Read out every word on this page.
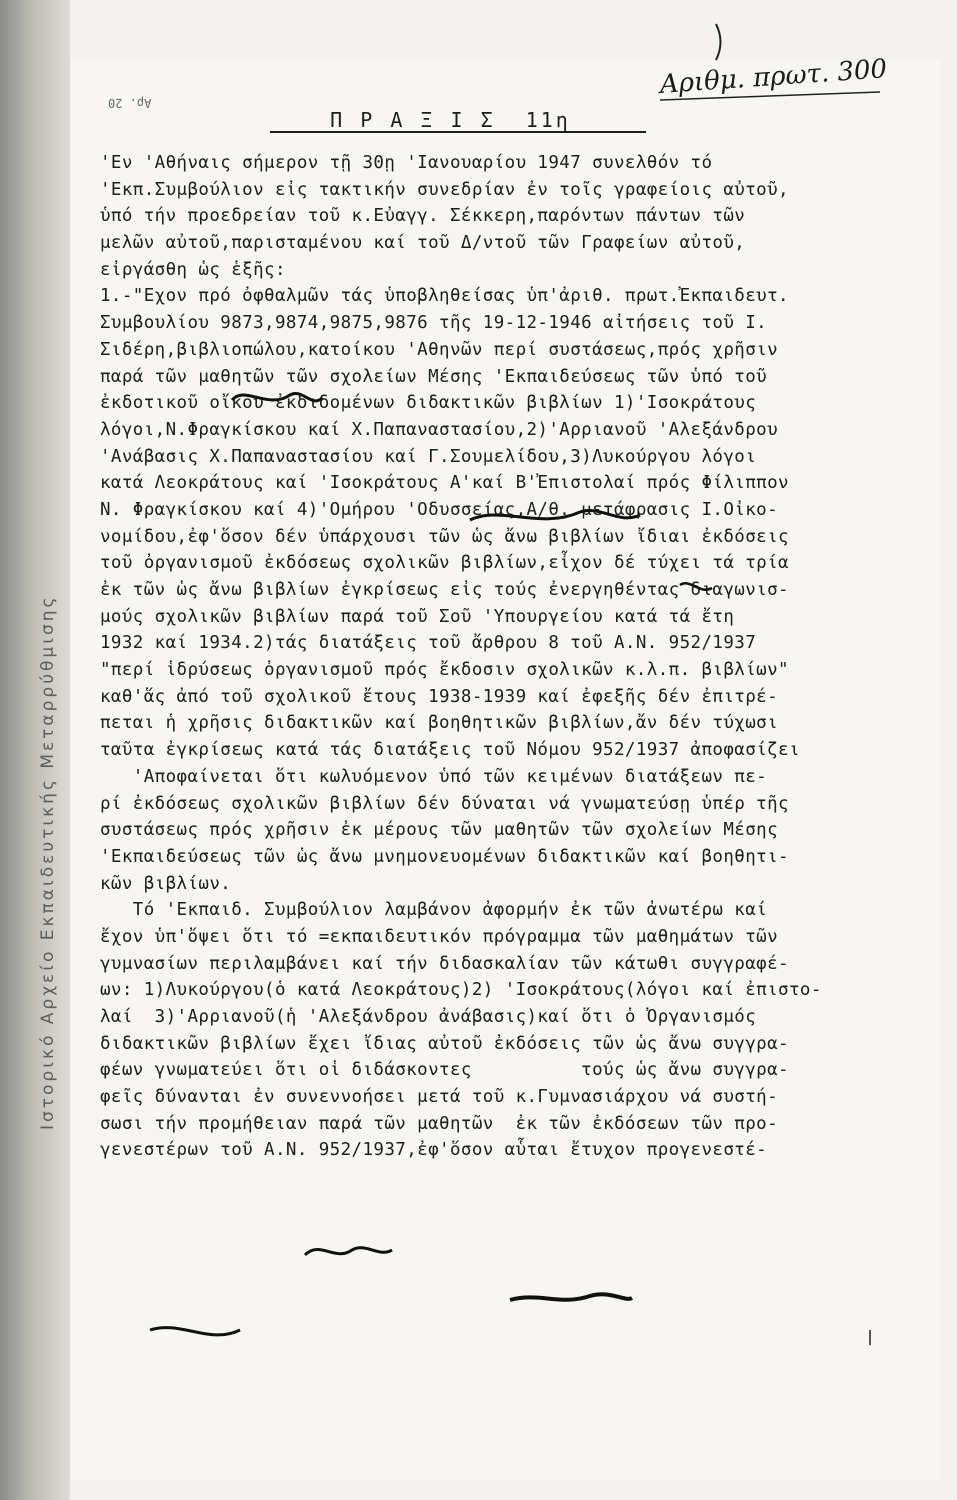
Ιστορικό Αρχείο Εκπαιδευτικής Μεταρρύθμισης
Αρ. 20
Αριθμ. πρωτ. 300
_ _ Π Ρ Α Ξ Ι Σ  11η_ _ _
'Εν 'Αθήναις σήμερον τῇ 30ῃ 'Ιανουαρίου 1947 συνελθόν τό
'Εκπ.Συμβούλιον εἰς τακτικήν συνεδρίαν ἐν τοῖς γραφείοις αὐτοῦ,
ὑπό τήν προεδρείαν τοῦ κ.Εὐαγγ. Σέκκερη,παρόντων πάντων τῶν
μελῶν αὐτοῦ,παρισταμένου καί τοῦ Δ/ντοῦ τῶν Γραφείων αὐτοῦ,
εἰργάσθη ὡς ἑξῆς:
1.-"Εχον πρό ὀφθαλμῶν τάς ὑποβληθείσας ὑπ'ἀριθ. πρωτ.Ἐκπαιδευτ.
Συμβουλίου 9873,9874,9875,9876 τῆς 19-12-1946 αἰτήσεις τοῦ Ι.
Σιδέρη,βιβλιοπώλου,κατοίκου 'Αθηνῶν περί συστάσεως,πρός χρῆσιν
παρά τῶν μαθητῶν τῶν σχολείων Μέσης 'Εκπαιδεύσεως τῶν ὑπό τοῦ
ἐκδοτικοῦ οἴκου ἐκδιδομένων διδακτικῶν βιβλίων 1)'Ισοκράτους
λόγοι,Ν.Φραγκίσκου καί Χ.Παπαναστασίου,2)'Αρριανοῦ 'Αλεξάνδρου
'Ανάβασις Χ.Παπαναστασίου καί Γ.Σουμελίδου,3)Λυκούργου λόγοι
κατά Λεοκράτους καί 'Ισοκράτους Α'καί Β'Ἐπιστολαί πρός Φίλιππον
Ν. Φραγκίσκου καί 4)'Ομήρου 'Οδυσσείας,Α/θ. μετάφρασις Ι.Οἰκο-
νομίδου,ἐφ'ὅσον δέν ὑπάρχουσι τῶν ὡς ἄνω βιβλίων ἴδιαι ἐκδόσεις
τοῦ ὀργανισμοῦ ἐκδόσεως σχολικῶν βιβλίων,εἶχον δέ τύχει τά τρία
ἐκ τῶν ὡς ἄνω βιβλίων ἐγκρίσεως εἰς τούς ἐνεργηθέντας διαγωνισ-
μούς σχολικῶν βιβλίων παρά τοῦ Σοῦ 'Υπουργείου κατά τά ἔτη
1932 καί 1934.2)τάς διατάξεις τοῦ ἄρθρου 8 τοῦ Α.Ν. 952/1937
"περί ἱδρύσεως ὀργανισμοῦ πρός ἔκδοσιν σχολικῶν κ.λ.π. βιβλίων"
καθ'ἅς ἀπό τοῦ σχολικοῦ ἔτους 1938-1939 καί ἐφεξῆς δέν ἐπιτρέ-
πεται ἡ χρῆσις διδακτικῶν καί βοηθητικῶν βιβλίων,ἄν δέν τύχωσι
ταῦτα ἐγκρίσεως κατά τάς διατάξεις τοῦ Νόμου 952/1937 ἀποφασίζει
'Αποφαίνεται ὅτι κωλυόμενον ὑπό τῶν κειμένων διατάξεων πε-
ρί ἐκδόσεως σχολικῶν βιβλίων δέν δύναται νά γνωματεύσῃ ὑπέρ τῆς
συστάσεως πρός χρῆσιν ἐκ μέρους τῶν μαθητῶν τῶν σχολείων Μέσης
'Εκπαιδεύσεως τῶν ὡς ἄνω μνημονευομένων διδακτικῶν καί βοηθητι-
κῶν βιβλίων.
Τό 'Εκπαιδ. Συμβούλιον λαμβάνον ἀφορμήν ἐκ τῶν ἀνωτέρω καί
ἔχον ὑπ'ὄψει ὅτι τό =εκπαιδευτικόν πρόγραμμα τῶν μαθημάτων τῶν
γυμνασίων περιλαμβάνει καί τήν διδασκαλίαν τῶν κάτωθι συγγραφέ-
ων: 1)Λυκούργου(ὁ κατά Λεοκράτους)2) 'Ισοκράτους(λόγοι καί ἐπιστο-
λαί  3)'Αρριανοῦ(ἡ 'Αλεξάνδρου ἀνάβασις)καί ὅτι ὁ Ὀργανισμός
διδακτικῶν βιβλίων ἔχει ἴδιας αὐτοῦ ἐκδόσεις τῶν ὡς ἄνω συγγρα-
φέων γνωματεύει ὅτι οἱ διδάσκοντες          τούς ὡς ἄνω συγγρα-
φεῖς δύνανται ἐν συνεννοήσει μετά τοῦ κ.Γυμνασιάρχου νά συστή-
σωσι τήν προμήθειαν παρά τῶν μαθητῶν  ἐκ τῶν ἐκδόσεων τῶν προ-
γενεστέρων τοῦ Α.Ν. 952/1937,ἐφ'ὅσον αὗται ἔτυχον προγενεστέ-
